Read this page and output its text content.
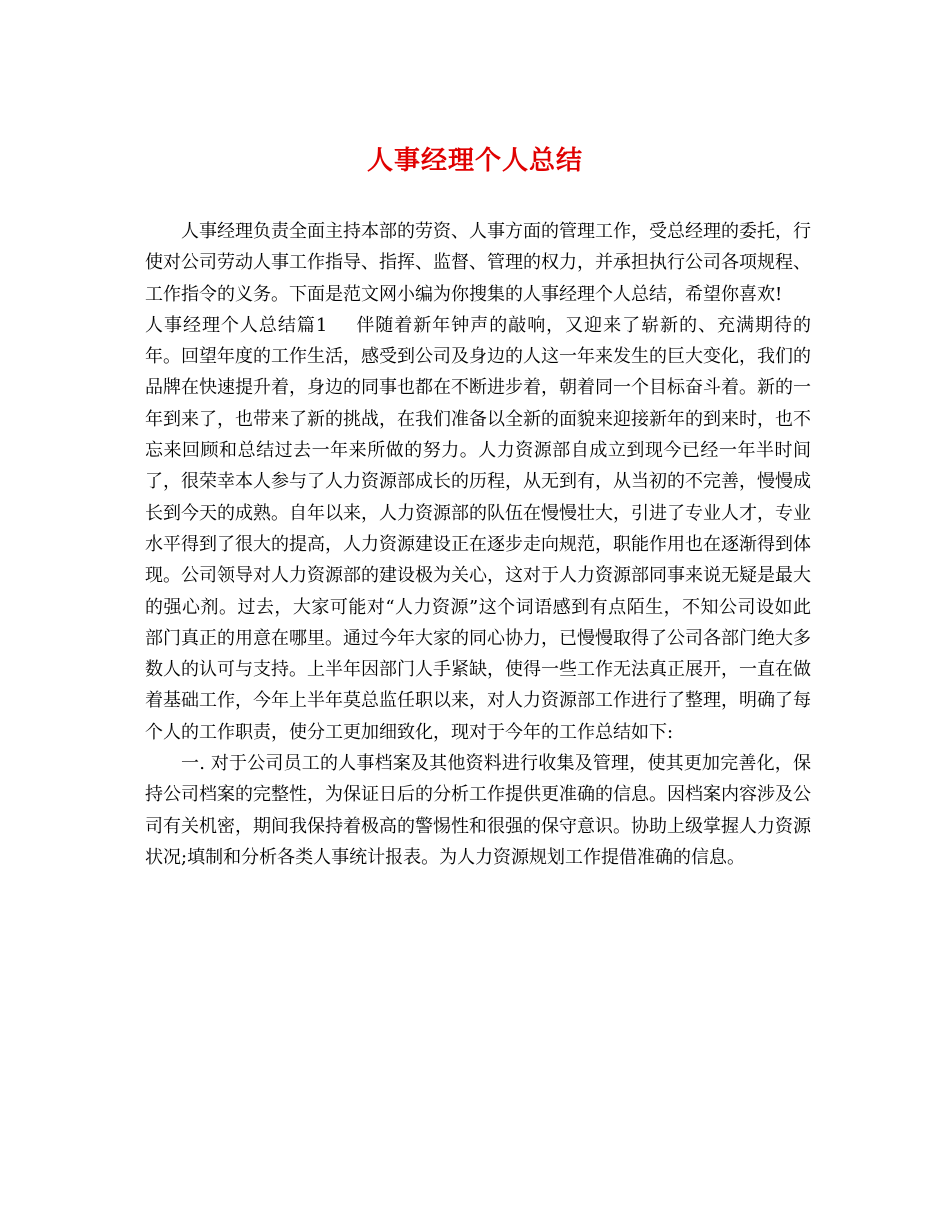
人事经理个人总结

人事经理负责全面主持本部的劳资、人事方面的管理工作，受总经理的委托，行使对公司劳动人事工作指导、指挥、监督、管理的权力，并承担执行公司各项规程、工作指令的义务。下面是范文网小编为你搜集的人事经理个人总结，希望你喜欢!

人事经理个人总结篇1 伴随着新年钟声的敲响，又迎来了崭新的、充满期待的年。回望年度的工作生活，感受到公司及身边的人这一年来发生的巨大变化，我们的品牌在快速提升着，身边的同事也都在不断进步着，朝着同一个目标奋斗着。新的一年到来了，也带来了新的挑战，在我们准备以全新的面貌来迎接新年的到来时，也不忘来回顾和总结过去一年来所做的努力。人力资源部自成立到现今已经一年半时间了，很荣幸本人参与了人力资源部成长的历程，从无到有，从当初的不完善，慢慢成长到今天的成熟。自年以来，人力资源部的队伍在慢慢壮大，引进了专业人才，专业水平得到了很大的提高，人力资源建设正在逐步走向规范，职能作用也在逐渐得到体现。公司领导对人力资源部的建设极为关心，这对于人力资源部同事来说无疑是最大的强心剂。过去，大家可能对“人力资源”这个词语感到有点陌生，不知公司设如此部门真正的用意在哪里。通过今年大家的同心协力，已慢慢取得了公司各部门绝大多数人的认可与支持。上半年因部门人手紧缺，使得一些工作无法真正展开，一直在做着基础工作，今年上半年莫总监任职以来，对人力资源部工作进行了整理，明确了每个人的工作职责，使分工更加细致化，现对于今年的工作总结如下:

一. 对于公司员工的人事档案及其他资料进行收集及管理，使其更加完善化，保持公司档案的完整性，为保证日后的分析工作提供更准确的信息。因档案内容涉及公司有关机密，期间我保持着极高的警惕性和很强的保守意识。协助上级掌握人力资源状况;填制和分析各类人事统计报表。为人力资源规划工作提借准确的信息。
